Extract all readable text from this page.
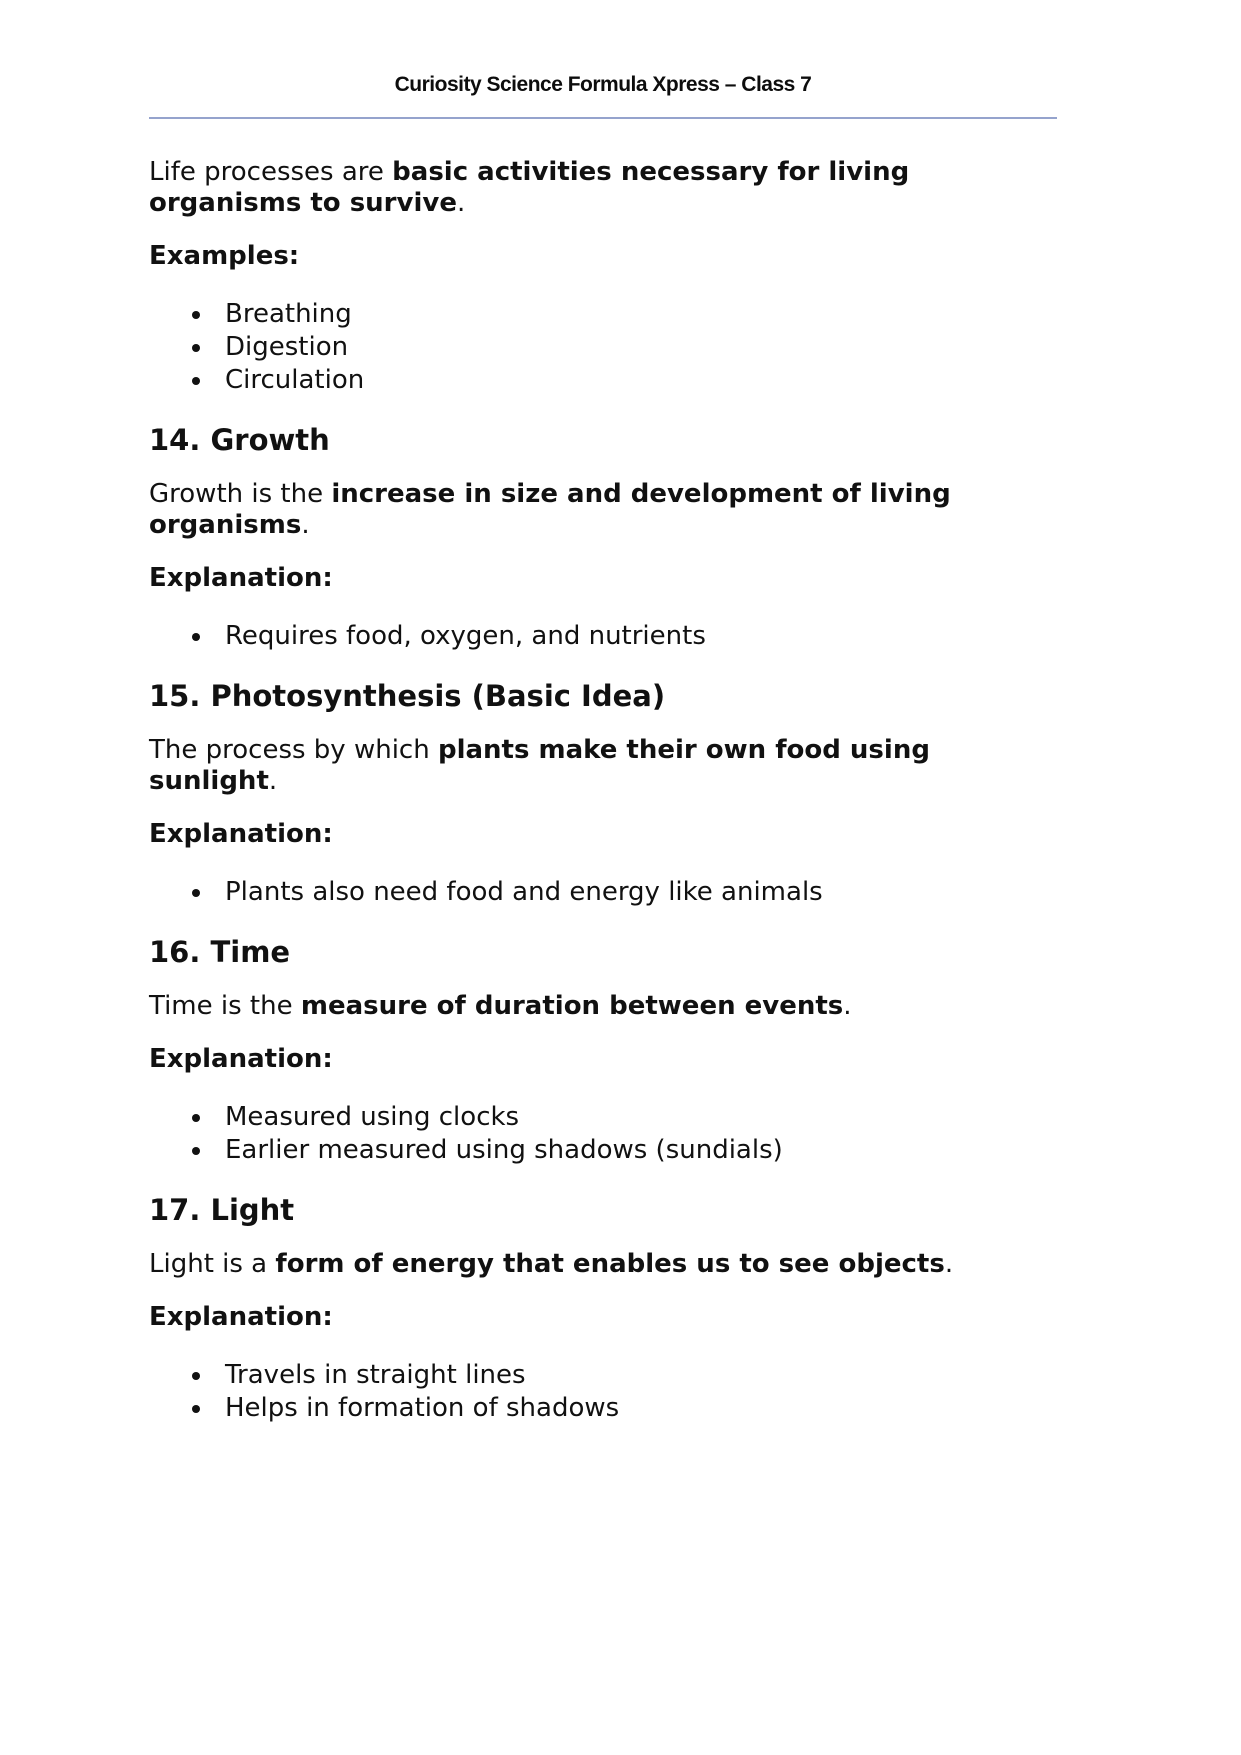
Curiosity Science Formula Xpress – Class 7
Life processes are basic activities necessary for living
organisms to survive.
Examples:
Breathing
Digestion
Circulation
14. Growth
Growth is the increase in size and development of living
organisms.
Explanation:
Requires food, oxygen, and nutrients
15. Photosynthesis (Basic Idea)
The process by which plants make their own food using
sunlight.
Explanation:
Plants also need food and energy like animals
16. Time
Time is the measure of duration between events.
Explanation:
Measured using clocks
Earlier measured using shadows (sundials)
17. Light
Light is a form of energy that enables us to see objects.
Explanation:
Travels in straight lines
Helps in formation of shadows
